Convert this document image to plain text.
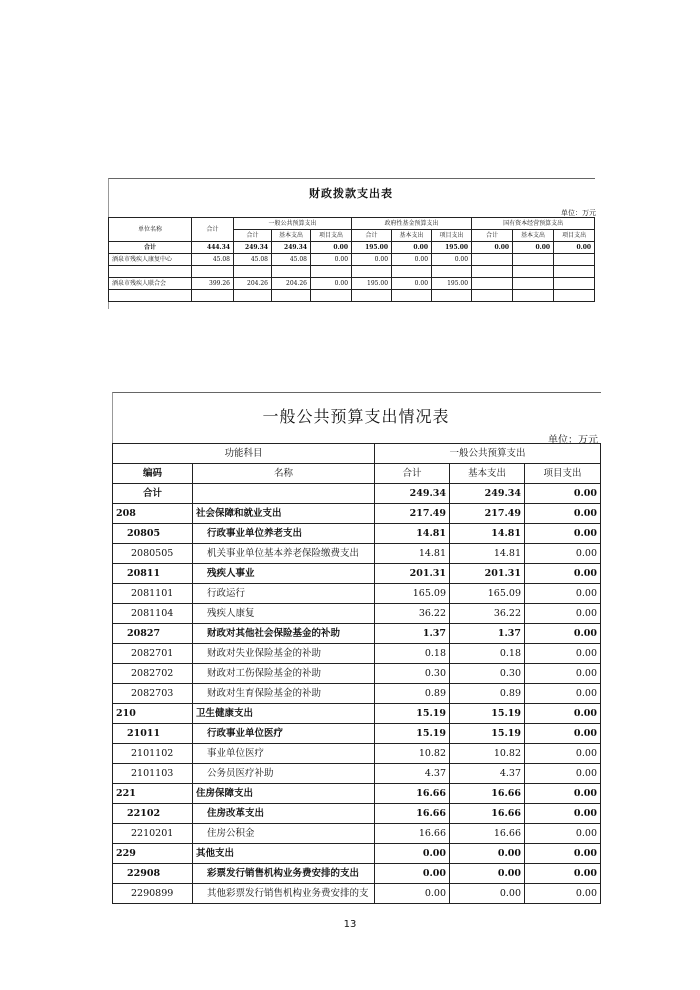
财政拨款支出表
单位：万元
单位名称	合计	一般公共预算支出			政府性基金预算支出			国有资本经营预算支出		
		合计	基本支出	项目支出	合计	基本支出	项目支出	合计	基本支出	项目支出
合计	444.34	249.34	249.34	0.00	195.00	0.00	195.00	0.00	0.00	0.00
酒泉市残疾人康复中心	45.08	45.08	45.08	0.00	0.00	0.00	0.00			

酒泉市残疾人联合会	399.26	204.26	204.26	0.00	195.00	0.00	195.00			

一般公共预算支出情况表
单位：万元
功能科目		一般公共预算支出		
编码	名称	合计	基本支出	项目支出
合计		249.34	249.34	0.00
208	社会保障和就业支出	217.49	217.49	0.00
20805	行政事业单位养老支出	14.81	14.81	0.00
2080505	机关事业单位基本养老保险缴费支出	14.81	14.81	0.00
20811	残疾人事业	201.31	201.31	0.00
2081101	行政运行	165.09	165.09	0.00
2081104	残疾人康复	36.22	36.22	0.00
20827	财政对其他社会保险基金的补助	1.37	1.37	0.00
2082701	财政对失业保险基金的补助	0.18	0.18	0.00
2082702	财政对工伤保险基金的补助	0.30	0.30	0.00
2082703	财政对生育保险基金的补助	0.89	0.89	0.00
210	卫生健康支出	15.19	15.19	0.00
21011	行政事业单位医疗	15.19	15.19	0.00
2101102	事业单位医疗	10.82	10.82	0.00
2101103	公务员医疗补助	4.37	4.37	0.00
221	住房保障支出	16.66	16.66	0.00
22102	住房改革支出	16.66	16.66	0.00
2210201	住房公积金	16.66	16.66	0.00
229	其他支出	0.00	0.00	0.00
22908	彩票发行销售机构业务费安排的支出	0.00	0.00	0.00
2290899	其他彩票发行销售机构业务费安排的支	0.00	0.00	0.00
13
